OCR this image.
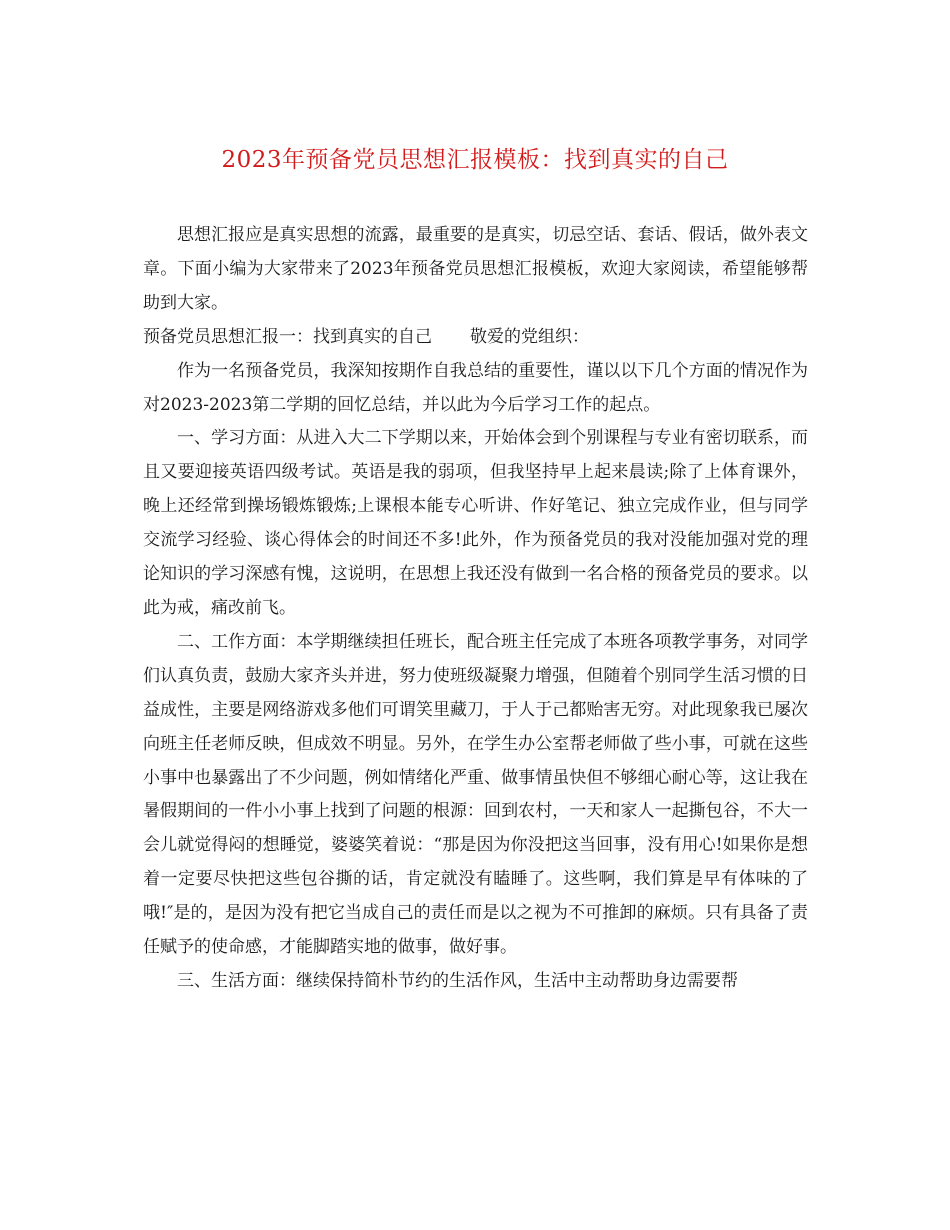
2023年预备党员思想汇报模板：找到真实的自己

思想汇报应是真实思想的流露，最重要的是真实，切忌空话、套话、假话，做外表文章。下面小编为大家带来了2023年预备党员思想汇报模板，欢迎大家阅读，希望能够帮助到大家。

预备党员思想汇报一：找到真实的自己 敬爱的党组织：

作为一名预备党员，我深知按期作自我总结的重要性，谨以以下几个方面的情况作为对2023-2023第二学期的回忆总结，并以此为今后学习工作的起点。

一、学习方面：从进入大二下学期以来，开始体会到个别课程与专业有密切联系，而且又要迎接英语四级考试。英语是我的弱项，但我坚持早上起来晨读;除了上体育课外，晚上还经常到操场锻炼锻炼;上课根本能专心听讲、作好笔记、独立完成作业，但与同学交流学习经验、谈心得体会的时间还不多!此外，作为预备党员的我对没能加强对党的理论知识的学习深感有愧，这说明，在思想上我还没有做到一名合格的预备党员的要求。以此为戒，痛改前飞。

二、工作方面：本学期继续担任班长，配合班主任完成了本班各项教学事务，对同学们认真负责，鼓励大家齐头并进，努力使班级凝聚力增强，但随着个别同学生活习惯的日益成性，主要是网络游戏多他们可谓笑里藏刀，于人于己都贻害无穷。对此现象我已屡次向班主任老师反映，但成效不明显。另外，在学生办公室帮老师做了些小事，可就在这些小事中也暴露出了不少问题，例如情绪化严重、做事情虽快但不够细心耐心等，这让我在暑假期间的一件小小事上找到了问题的根源：回到农村，一天和家人一起撕包谷，不大一会儿就觉得闷的想睡觉，婆婆笑着说：“那是因为你没把这当回事，没有用心!如果你是想着一定要尽快把这些包谷撕的话，肯定就没有瞌睡了。这些啊，我们算是早有体味的了哦!″是的，是因为没有把它当成自己的责任而是以之视为不可推卸的麻烦。只有具备了责任赋予的使命感，才能脚踏实地的做事，做好事。

三、生活方面：继续保持简朴节约的生活作风，生活中主动帮助身边需要帮
